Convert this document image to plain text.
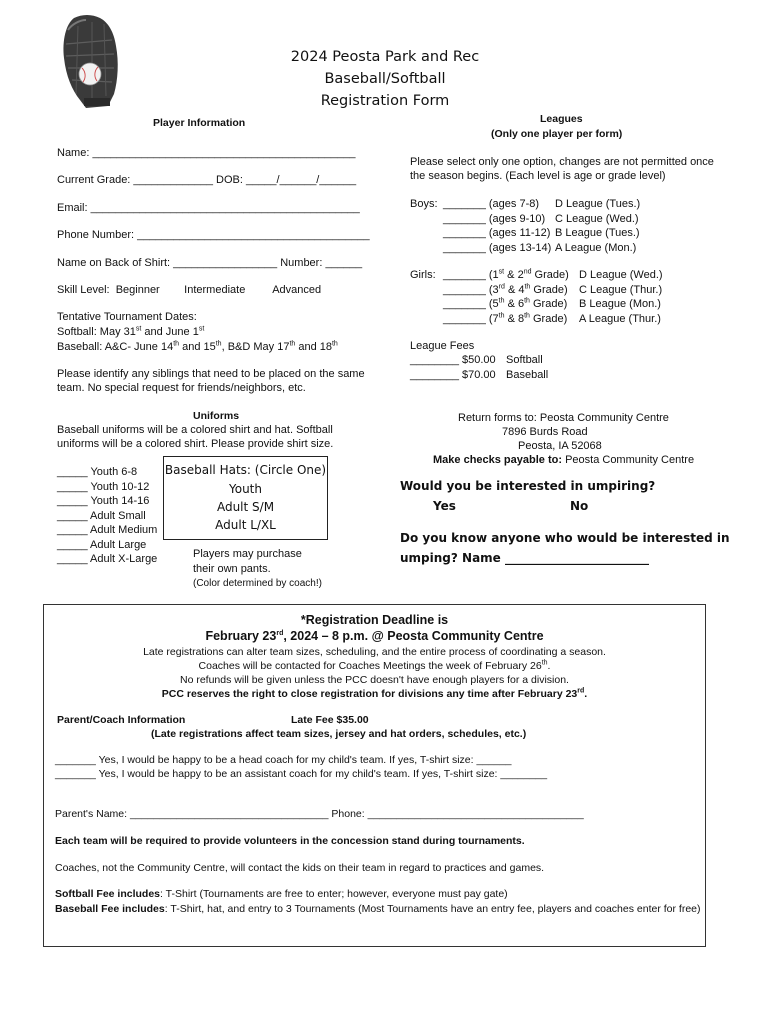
2024 Peosta Park and Rec
Baseball/Softball
Registration Form
Player Information
Name: ___________________________________________
Current Grade: _____________ DOB: _____/______/______
Email: ____________________________________________
Phone Number: ______________________________________
Name on Back of Shirt: _________________ Number: ______
Skill Level:  Beginner        Intermediate         Advanced
Tentative Tournament Dates:
Softball: May 31st and June 1st
Baseball: A&C- June 14th and 15th, B&D May 17th and 18th
Please identify any siblings that need to be placed on the same
team. No special request for friends/neighbors, etc.
Leagues
(Only one player per form)
Please select only one option, changes are not permitted once
the season begins. (Each level is age or grade level)
Boys: _______ (ages 7-8) D League (Tues.)
_______ (ages 9-10) C League (Wed.)
_______ (ages 11-12) B League (Tues.)
_______ (ages 13-14) A League (Mon.)
Girls: _______ (1st & 2nd Grade) D League (Wed.)
_______ (3rd & 4th Grade) C League (Thur.)
_______ (5th & 6th Grade) B League (Mon.)
_______ (7th & 8th Grade) A League (Thur.)
League Fees
________ $50.00 Softball
________ $70.00 Baseball
Uniforms
Baseball uniforms will be a colored shirt and hat. Softball
uniforms will be a colored shirt. Please provide shirt size.
_____ Youth 6-8
_____ Youth 10-12
_____ Youth 14-16
_____ Adult Small
_____ Adult Medium
_____ Adult Large
_____ Adult X-Large
Baseball Hats: (Circle One)
Youth
Adult S/M
Adult L/XL
Players may purchase
their own pants.
(Color determined by coach!)
Return forms to: Peosta Community Centre
7896 Burds Road
Peosta, IA 52068
Make checks payable to: Peosta Community Centre
Would you be interested in umpiring?
Yes	No
Do you know anyone who would be interested in
umping? Name ________________________
*Registration Deadline is
February 23rd, 2024 – 8 p.m. @ Peosta Community Centre
Late registrations can alter team sizes, scheduling, and the entire process of coordinating a season.
Coaches will be contacted for Coaches Meetings the week of February 26th.
No refunds will be given unless the PCC doesn't have enough players for a division.
PCC reserves the right to close registration for divisions any time after February 23rd.
Parent/Coach Information	Late Fee $35.00
(Late registrations affect team sizes, jersey and hat orders, schedules, etc.)
_______ Yes, I would be happy to be a head coach for my child's team. If yes, T-shirt size: ______
_______ Yes, I would be happy to be an assistant coach for my child's team. If yes, T-shirt size: ________
Parent's Name: __________________________________ Phone: _____________________________________
Each team will be required to provide volunteers in the concession stand during tournaments.
Coaches, not the Community Centre, will contact the kids on their team in regard to practices and games.
Softball Fee includes: T-Shirt (Tournaments are free to enter; however, everyone must pay gate)
Baseball Fee includes: T-Shirt, hat, and entry to 3 Tournaments (Most Tournaments have an entry fee, players and coaches enter for free)
